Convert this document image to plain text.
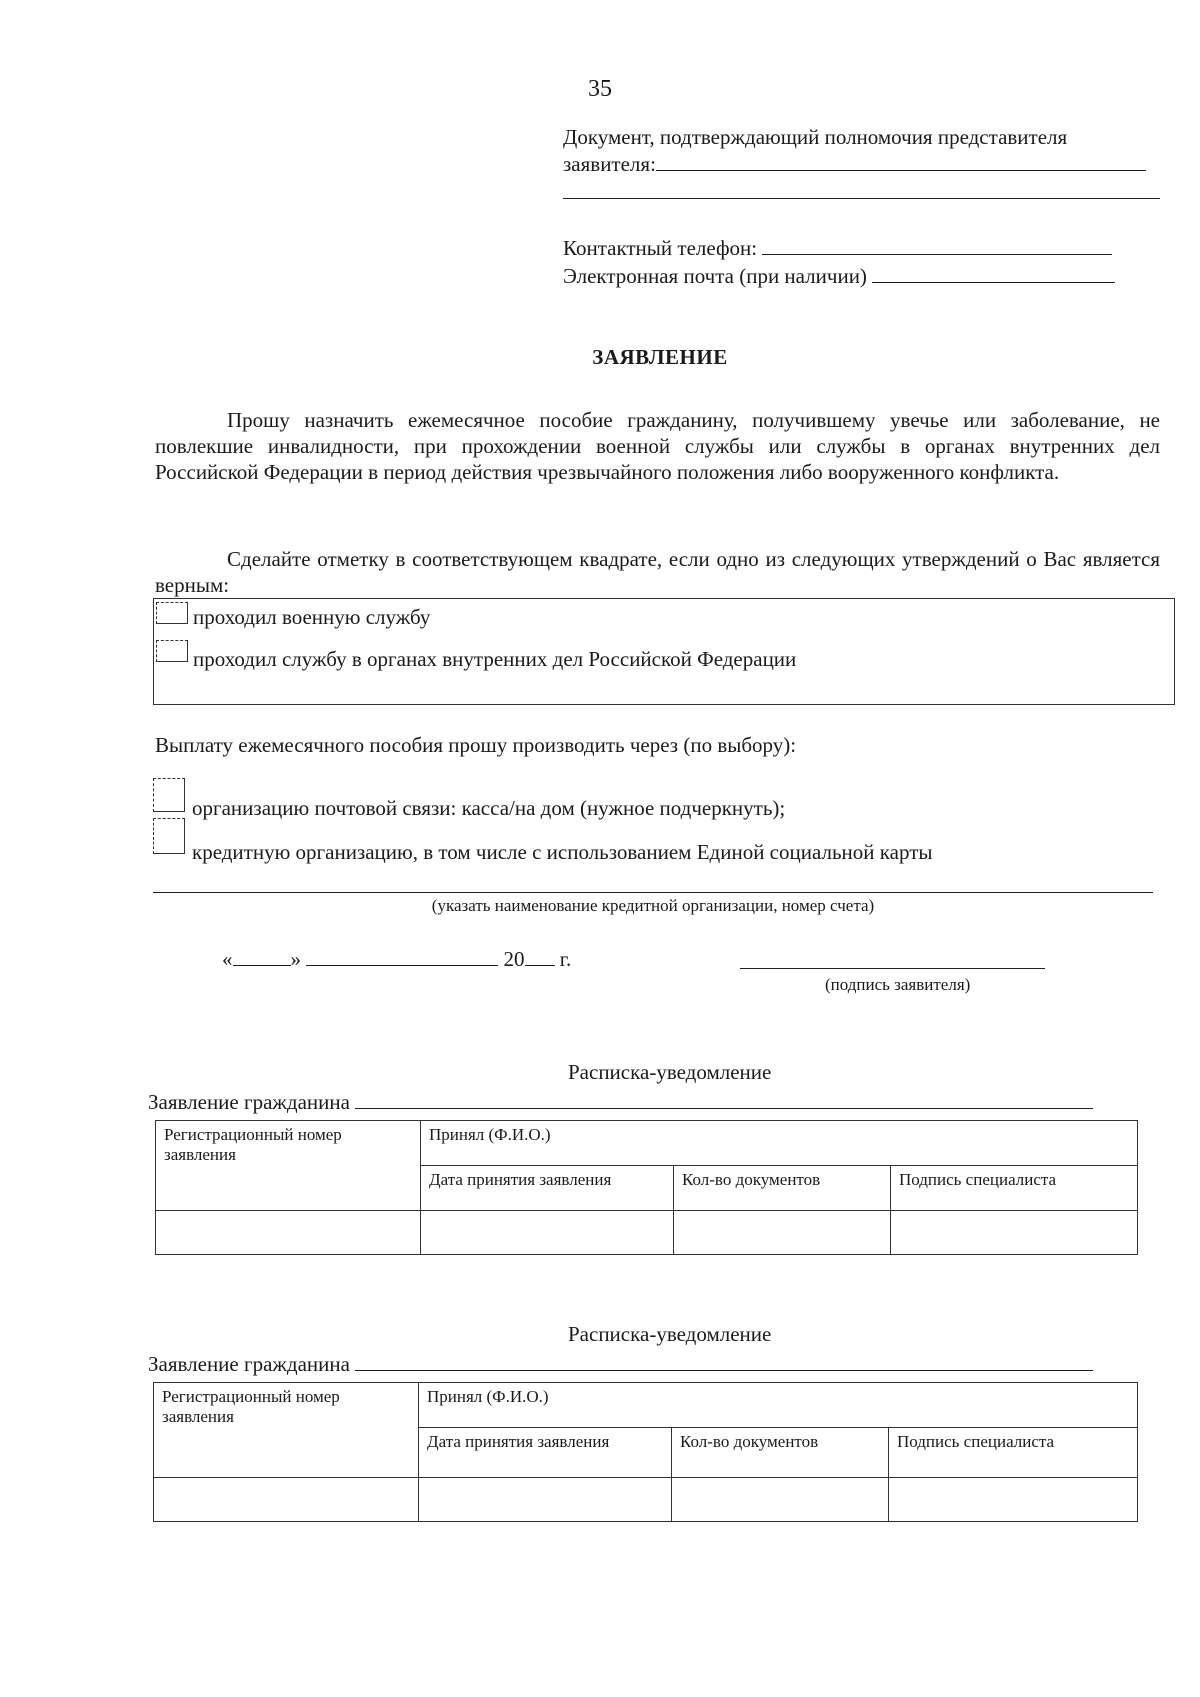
35
Документ, подтверждающий полномочия представителя
заявителя:
Контактный телефон:
Электронная почта (при наличии)
ЗАЯВЛЕНИЕ
Прошу назначить ежемесячное пособие гражданину, получившему увечье или заболевание, не повлекшие инвалидности, при прохождении военной службы или службы в органах внутренних дел Российской Федерации в период действия чрезвычайного положения либо вооруженного конфликта.
Сделайте отметку в соответствующем квадрате, если одно из следующих утверждений о Вас является верным:
проходил военную службу
проходил службу в органах внутренних дел Российской Федерации
Выплату ежемесячного пособия прошу производить через (по выбору):
организацию почтовой связи: касса/на дом (нужное подчеркнуть);
кредитную организацию, в том числе с использованием Единой социальной карты
(указать наименование кредитной организации, номер счета)
«	»	20 г.
(подпись заявителя)
Расписка-уведомление
Заявление гражданина
Регистрационный номер заявления	Принял (Ф.И.О.)		
	Дата принятия заявления	Кол-во документов	Подпись специалиста

Расписка-уведомление
Заявление гражданина
Регистрационный номер заявления	Принял (Ф.И.О.)		
	Дата принятия заявления	Кол-во документов	Подпись специалиста
